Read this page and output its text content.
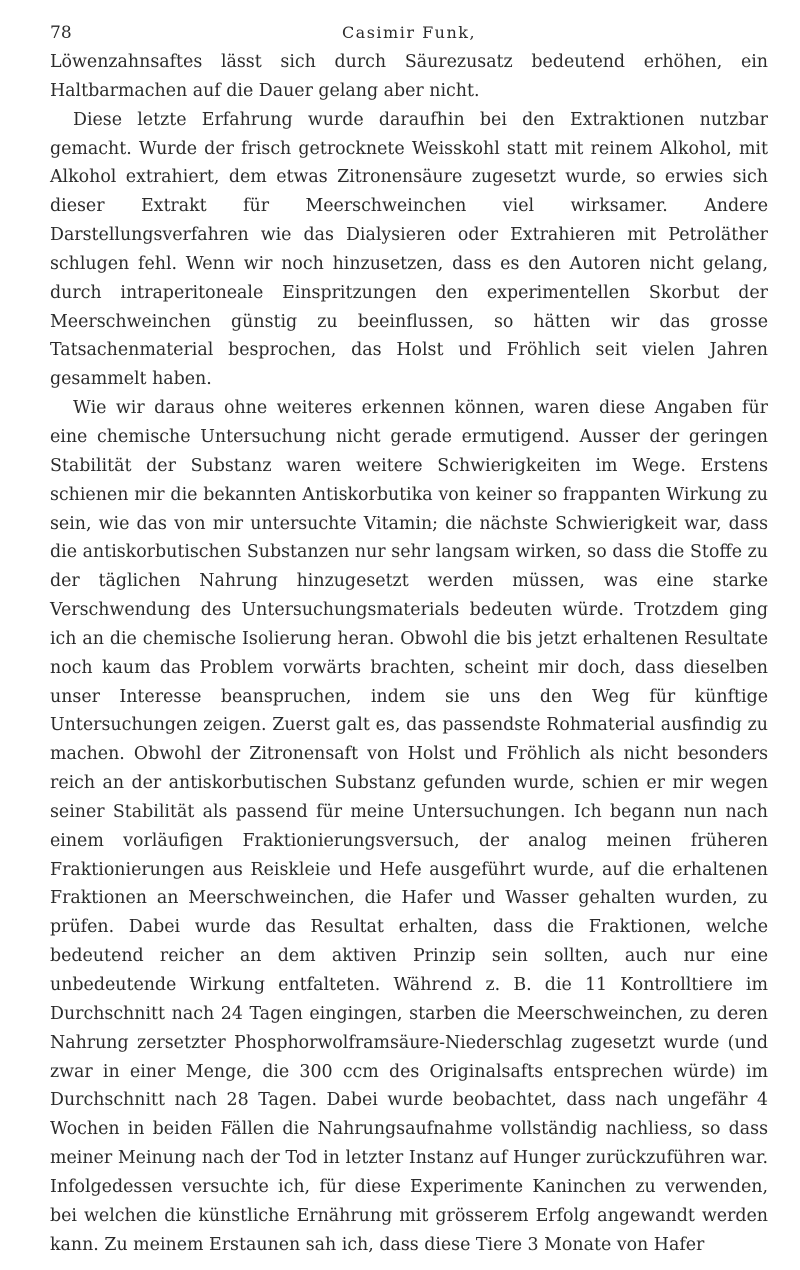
78	Casimir Funk,

Löwenzahnsaftes lässt sich durch Säurezusatz bedeutend erhöhen, ein Haltbarmachen auf die Dauer gelang aber nicht.

Diese letzte Erfahrung wurde daraufhin bei den Extraktionen nutzbar gemacht. Wurde der frisch getrocknete Weisskohl statt mit reinem Alkohol, mit Alkohol extrahiert, dem etwas Zitronensäure zugesetzt wurde, so erwies sich dieser Extrakt für Meerschweinchen viel wirksamer. Andere Darstellungsverfahren wie das Dialysieren oder Extrahieren mit Petroläther schlugen fehl. Wenn wir noch hinzusetzen, dass es den Autoren nicht gelang, durch intraperitoneale Einspritzungen den experimentellen Skorbut der Meerschweinchen günstig zu beeinflussen, so hätten wir das grosse Tatsachenmaterial besprochen, das Holst und Fröhlich seit vielen Jahren gesammelt haben.

Wie wir daraus ohne weiteres erkennen können, waren diese Angaben für eine chemische Untersuchung nicht gerade ermutigend. Ausser der geringen Stabilität der Substanz waren weitere Schwierigkeiten im Wege. Erstens schienen mir die bekannten Antiskorbutika von keiner so frappanten Wirkung zu sein, wie das von mir untersuchte Vitamin; die nächste Schwierigkeit war, dass die antiskorbutischen Substanzen nur sehr langsam wirken, so dass die Stoffe zu der täglichen Nahrung hinzugesetzt werden müssen, was eine starke Verschwendung des Untersuchungsmaterials bedeuten würde. Trotzdem ging ich an die chemische Isolierung heran. Obwohl die bis jetzt erhaltenen Resultate noch kaum das Problem vorwärts brachten, scheint mir doch, dass dieselben unser Interesse beanspruchen, indem sie uns den Weg für künftige Untersuchungen zeigen. Zuerst galt es, das passendste Rohmaterial ausfindig zu machen. Obwohl der Zitronensaft von Holst und Fröhlich als nicht besonders reich an der antiskorbutischen Substanz gefunden wurde, schien er mir wegen seiner Stabilität als passend für meine Untersuchungen. Ich begann nun nach einem vorläufigen Fraktionierungsversuch, der analog meinen früheren Fraktionierungen aus Reiskleie und Hefe ausgeführt wurde, auf die erhaltenen Fraktionen an Meerschweinchen, die Hafer und Wasser gehalten wurden, zu prüfen. Dabei wurde das Resultat erhalten, dass die Fraktionen, welche bedeutend reicher an dem aktiven Prinzip sein sollten, auch nur eine unbedeutende Wirkung entfalteten. Während z. B. die 11 Kontrolltiere im Durchschnitt nach 24 Tagen eingingen, starben die Meerschweinchen, zu deren Nahrung zersetzter Phosphorwolframsäure-Niederschlag zugesetzt wurde (und zwar in einer Menge, die 300 ccm des Originalsafts entsprechen würde) im Durchschnitt nach 28 Tagen. Dabei wurde beobachtet, dass nach ungefähr 4 Wochen in beiden Fällen die Nahrungsaufnahme vollständig nachliess, so dass meiner Meinung nach der Tod in letzter Instanz auf Hunger zurückzuführen war. Infolgedessen versuchte ich, für diese Experimente Kaninchen zu verwenden, bei welchen die künstliche Ernährung mit grösserem Erfolg angewandt werden kann. Zu meinem Erstaunen sah ich, dass diese Tiere 3 Monate von Hafer
